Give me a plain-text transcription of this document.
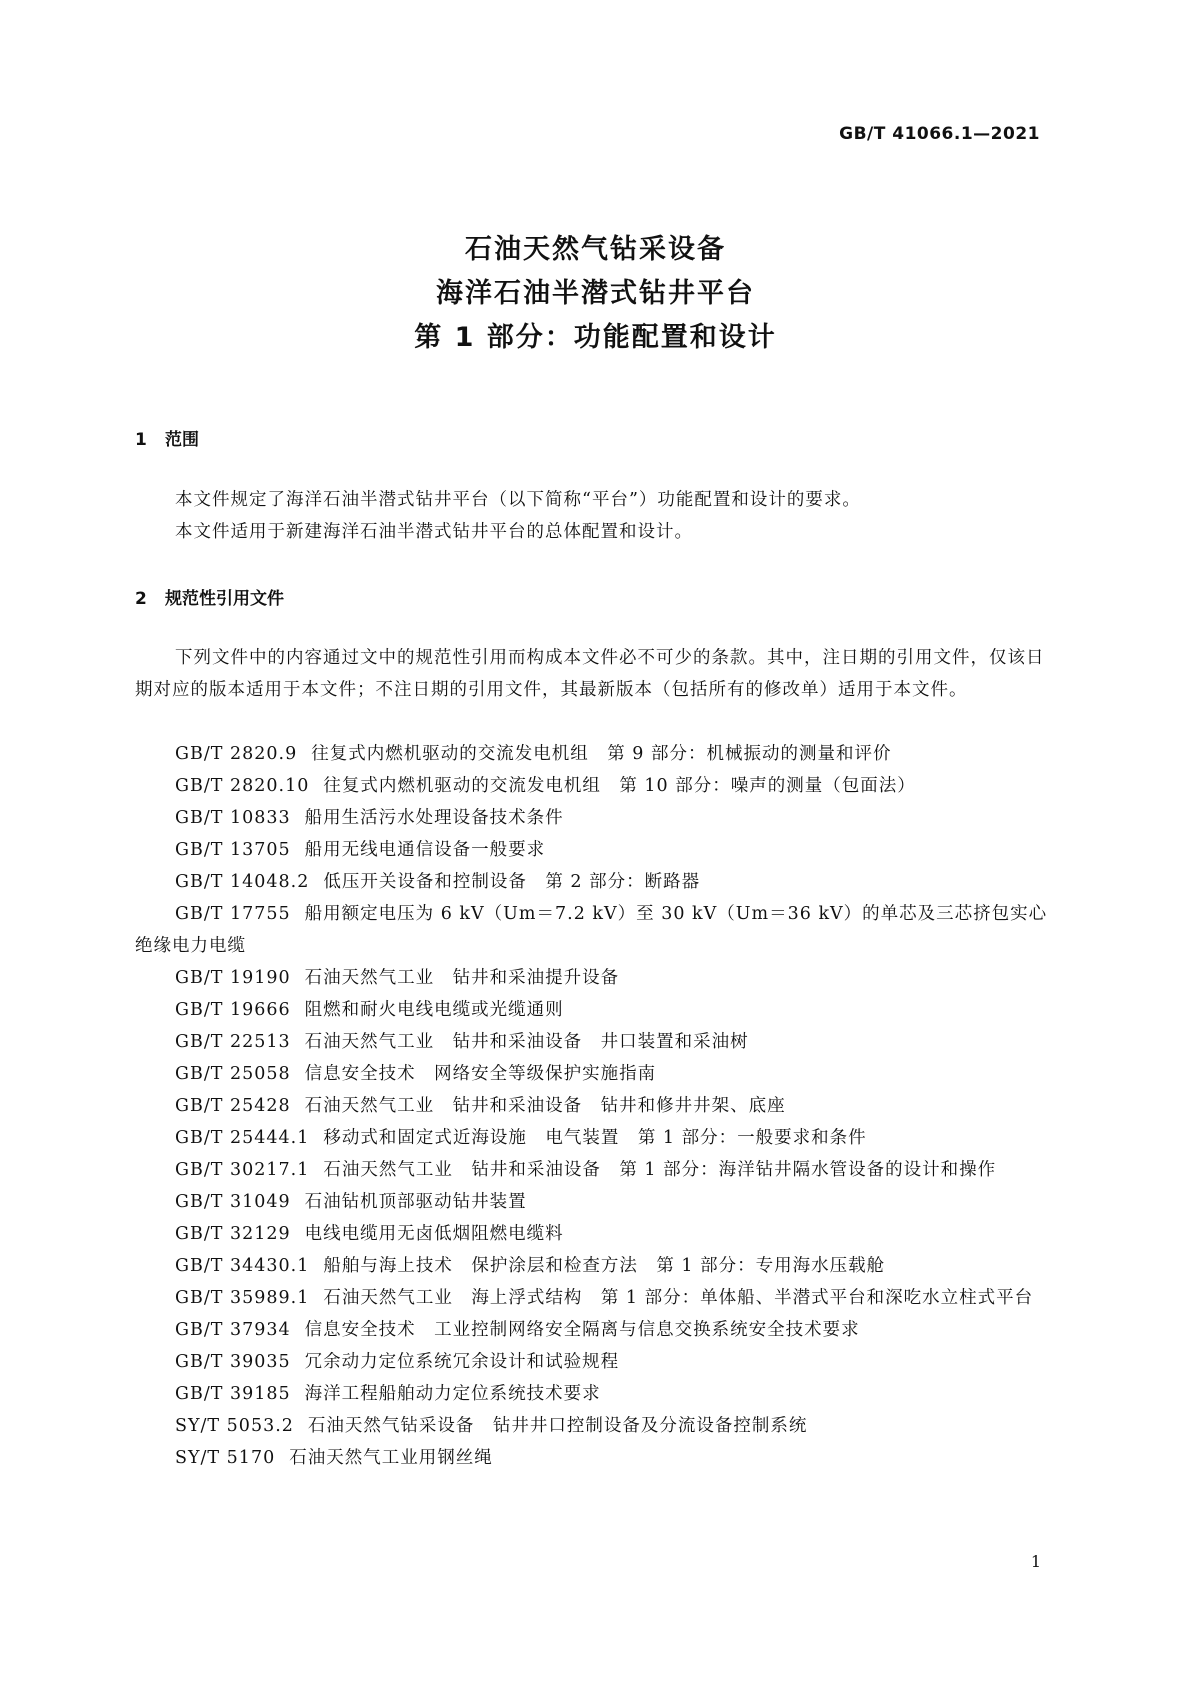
GB/T 41066.1—2021
石油天然气钻采设备
海洋石油半潜式钻井平台
第 1 部分：功能配置和设计
1 范围
本文件规定了海洋石油半潜式钻井平台（以下简称“平台”）功能配置和设计的要求。
本文件适用于新建海洋石油半潜式钻井平台的总体配置和设计。
2 规范性引用文件

下列文件中的内容通过文中的规范性引用而构成本文件必不可少的条款。其中，注日期的引用文件，仅该日期对应的版本适用于本文件；不注日期的引用文件，其最新版本（包括所有的修改单）适用于本文件。

GB/T 2820.9 往复式内燃机驱动的交流发电机组　第 9 部分：机械振动的测量和评价
GB/T 2820.10 往复式内燃机驱动的交流发电机组　第 10 部分：噪声的测量（包面法）
GB/T 10833 船用生活污水处理设备技术条件
GB/T 13705 船用无线电通信设备一般要求
GB/T 14048.2 低压开关设备和控制设备　第 2 部分：断路器
GB/T 17755 船用额定电压为 6 kV（Um＝7.2 kV）至 30 kV（Um＝36 kV）的单芯及三芯挤包实心绝缘电力电缆
GB/T 19190 石油天然气工业　钻井和采油提升设备
GB/T 19666 阻燃和耐火电线电缆或光缆通则
GB/T 22513 石油天然气工业　钻井和采油设备　井口装置和采油树
GB/T 25058 信息安全技术　网络安全等级保护实施指南
GB/T 25428 石油天然气工业　钻井和采油设备　钻井和修井井架、底座
GB/T 25444.1 移动式和固定式近海设施　电气装置　第 1 部分：一般要求和条件
GB/T 30217.1 石油天然气工业　钻井和采油设备　第 1 部分：海洋钻井隔水管设备的设计和操作
GB/T 31049 石油钻机顶部驱动钻井装置
GB/T 32129 电线电缆用无卤低烟阻燃电缆料
GB/T 34430.1 船舶与海上技术　保护涂层和检查方法　第 1 部分：专用海水压载舱
GB/T 35989.1 石油天然气工业　海上浮式结构　第 1 部分：单体船、半潜式平台和深吃水立柱式平台
GB/T 37934 信息安全技术　工业控制网络安全隔离与信息交换系统安全技术要求
GB/T 39035 冗余动力定位系统冗余设计和试验规程
GB/T 39185 海洋工程船舶动力定位系统技术要求
SY/T 5053.2 石油天然气钻采设备　钻井井口控制设备及分流设备控制系统
SY/T 5170 石油天然气工业用钢丝绳
1
